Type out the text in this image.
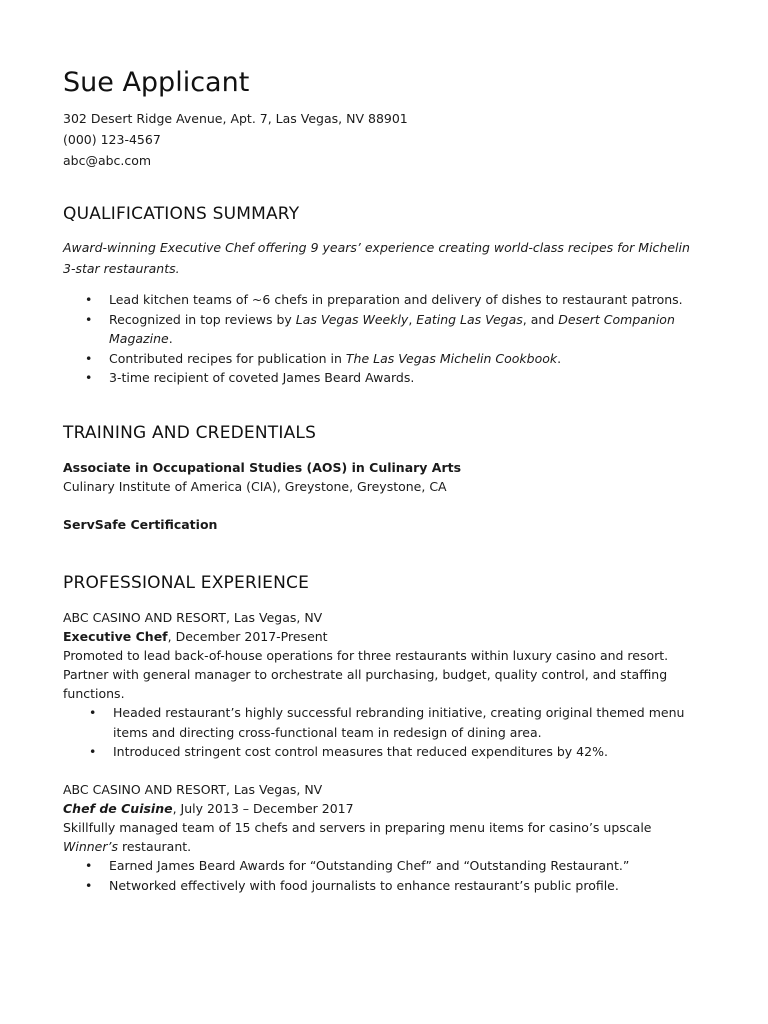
Sue Applicant
302 Desert Ridge Avenue, Apt. 7, Las Vegas, NV 88901
(000) 123-4567
abc@abc.com
QUALIFICATIONS SUMMARY
Award-winning Executive Chef offering 9 years’ experience creating world-class recipes for Michelin 3-star restaurants.
• Lead kitchen teams of ~6 chefs in preparation and delivery of dishes to restaurant patrons.
• Recognized in top reviews by Las Vegas Weekly, Eating Las Vegas, and Desert Companion Magazine.
• Contributed recipes for publication in The Las Vegas Michelin Cookbook.
• 3-time recipient of coveted James Beard Awards.
TRAINING AND CREDENTIALS
Associate in Occupational Studies (AOS) in Culinary Arts
Culinary Institute of America (CIA), Greystone, Greystone, CA
ServSafe Certification
PROFESSIONAL EXPERIENCE
ABC CASINO AND RESORT, Las Vegas, NV
Executive Chef, December 2017-Present
Promoted to lead back-of-house operations for three restaurants within luxury casino and resort.
Partner with general manager to orchestrate all purchasing, budget, quality control, and staffing functions.
• Headed restaurant’s highly successful rebranding initiative, creating original themed menu items and directing cross-functional team in redesign of dining area.
• Introduced stringent cost control measures that reduced expenditures by 42%.
ABC CASINO AND RESORT, Las Vegas, NV
Chef de Cuisine, July 2013 – December 2017
Skillfully managed team of 15 chefs and servers in preparing menu items for casino’s upscale Winner’s restaurant.
• Earned James Beard Awards for “Outstanding Chef” and “Outstanding Restaurant.”
• Networked effectively with food journalists to enhance restaurant’s public profile.
